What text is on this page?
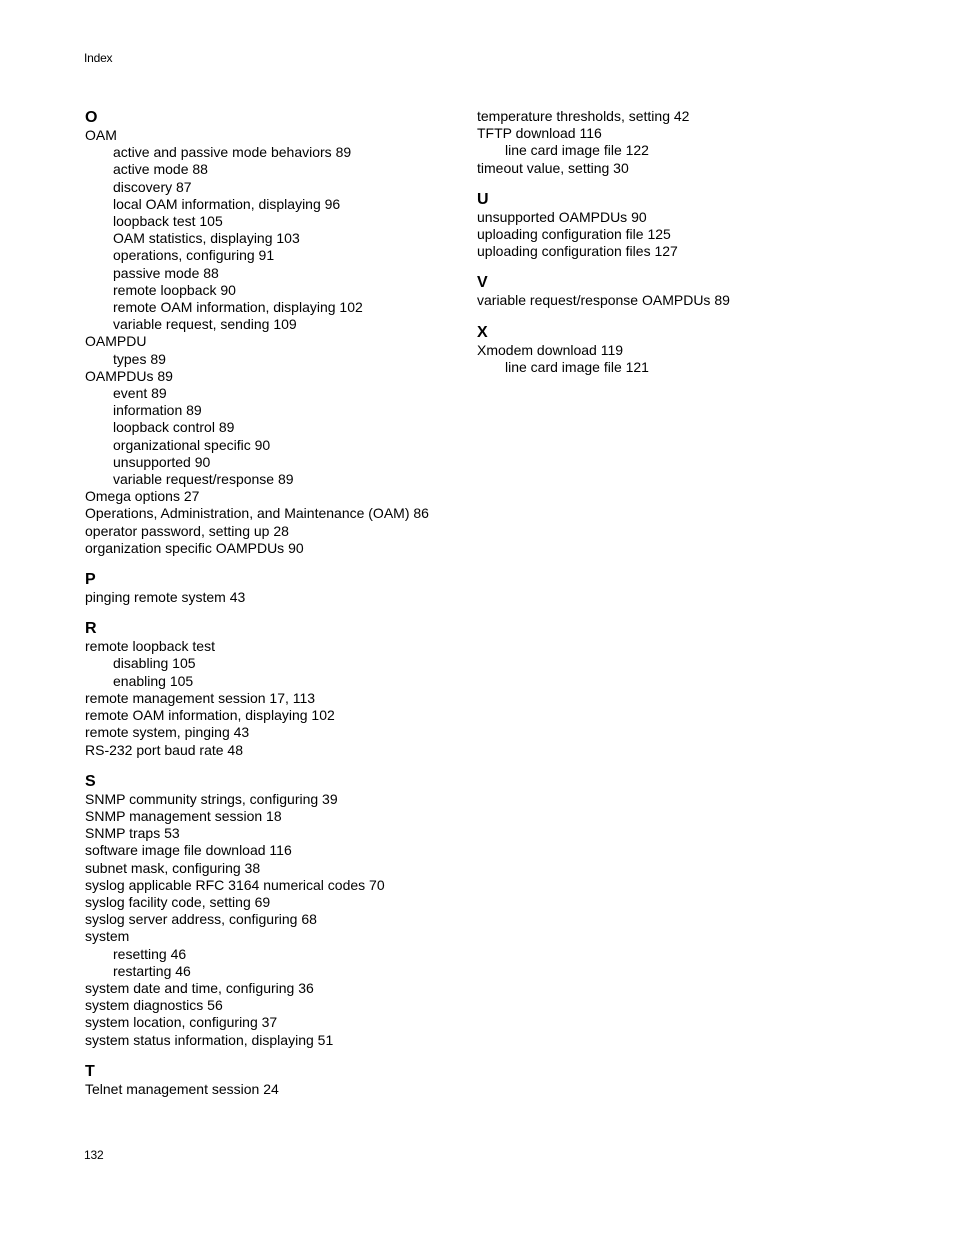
Index
O
OAM
active and passive mode behaviors 89
active mode 88
discovery 87
local OAM information, displaying 96
loopback test 105
OAM statistics, displaying 103
operations, configuring 91
passive mode 88
remote loopback 90
remote OAM information, displaying 102
variable request, sending 109
OAMPDU
types 89
OAMPDUs 89
event 89
information 89
loopback control 89
organizational specific 90
unsupported 90
variable request/response 89
Omega options 27
Operations, Administration, and Maintenance (OAM) 86
operator password, setting up 28
organization specific OAMPDUs 90
P
pinging remote system 43
R
remote loopback test
disabling 105
enabling 105
remote management session 17, 113
remote OAM information, displaying 102
remote system, pinging 43
RS-232 port baud rate 48
S
SNMP community strings, configuring 39
SNMP management session 18
SNMP traps 53
software image file download 116
subnet mask, configuring 38
syslog applicable RFC 3164 numerical codes 70
syslog facility code, setting 69
syslog server address, configuring 68
system
resetting 46
restarting 46
system date and time, configuring 36
system diagnostics 56
system location, configuring 37
system status information, displaying 51
T
Telnet management session 24
temperature thresholds, setting 42
TFTP download 116
line card image file 122
timeout value, setting 30
U
unsupported OAMPDUs 90
uploading configuration file 125
uploading configuration files 127
V
variable request/response OAMPDUs 89
X
Xmodem download 119
line card image file 121
132
